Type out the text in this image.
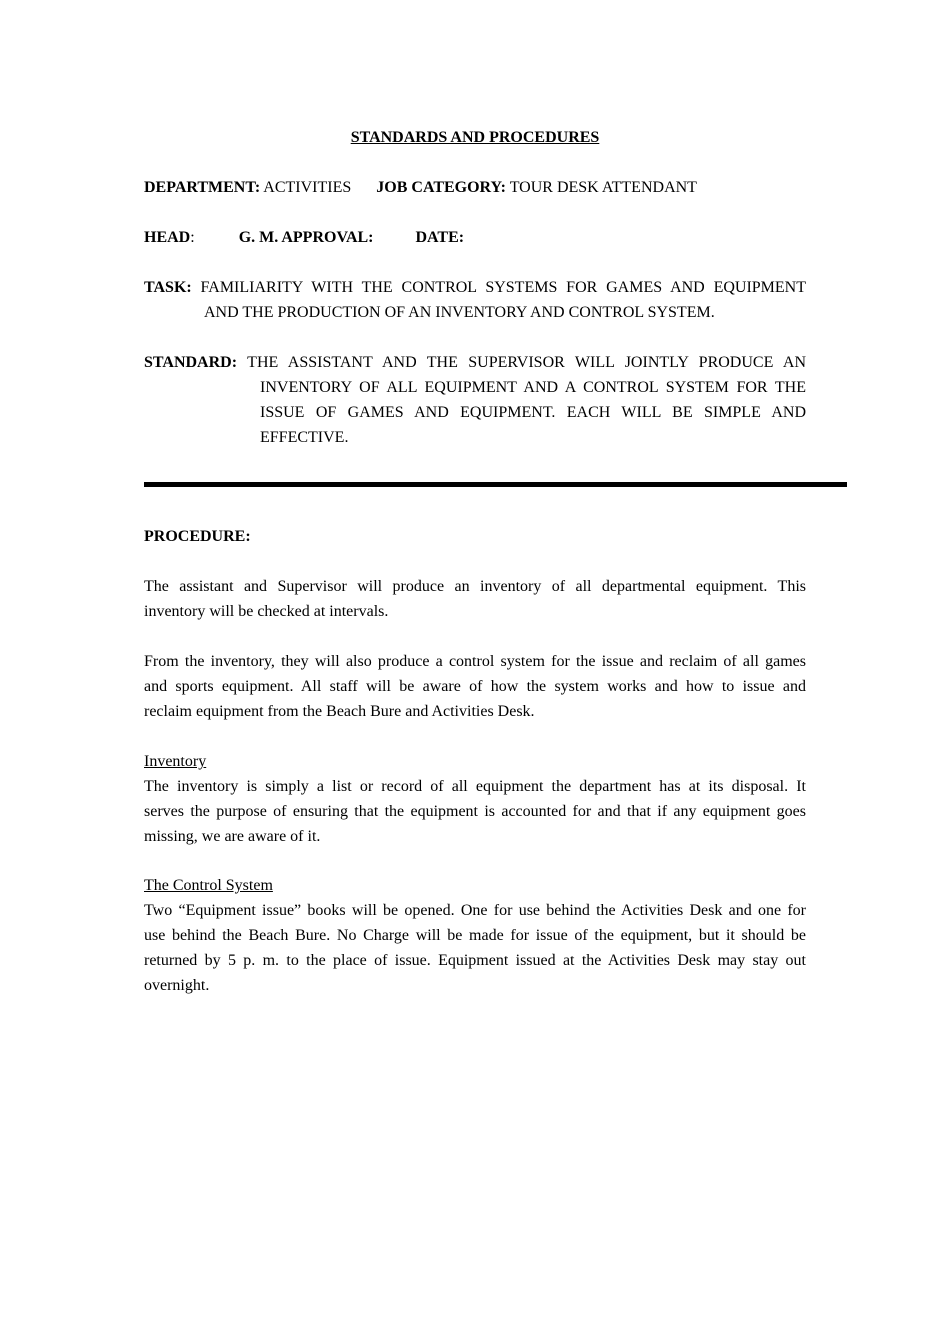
STANDARDS AND PROCEDURES
DEPARTMENT: ACTIVITIES JOB CATEGORY: TOUR DESK ATTENDANT
HEAD:	G. M. APPROVAL:	DATE:
TASK: FAMILIARITY WITH THE CONTROL SYSTEMS FOR GAMES AND EQUIPMENT
AND THE PRODUCTION OF AN INVENTORY AND CONTROL SYSTEM.
STANDARD: THE ASSISTANT AND THE SUPERVISOR WILL JOINTLY PRODUCE AN
INVENTORY OF ALL EQUIPMENT AND A CONTROL SYSTEM FOR THE
ISSUE OF GAMES AND EQUIPMENT. EACH WILL BE SIMPLE AND
EFFECTIVE.
PROCEDURE:
The assistant and Supervisor will produce an inventory of all departmental equipment. This
inventory will be checked at intervals.
From the inventory, they will also produce a control system for the issue and reclaim of all games
and sports equipment. All staff will be aware of how the system works and how to issue and
reclaim equipment from the Beach Bure and Activities Desk.
Inventory
The inventory is simply a list or record of all equipment the department has at its disposal. It
serves the purpose of ensuring that the equipment is accounted for and that if any equipment goes
missing, we are aware of it.
The Control System
Two “Equipment issue” books will be opened. One for use behind the Activities Desk and one for
use behind the Beach Bure. No Charge will be made for issue of the equipment, but it should be
returned by 5 p. m. to the place of issue. Equipment issued at the Activities Desk may stay out
overnight.
